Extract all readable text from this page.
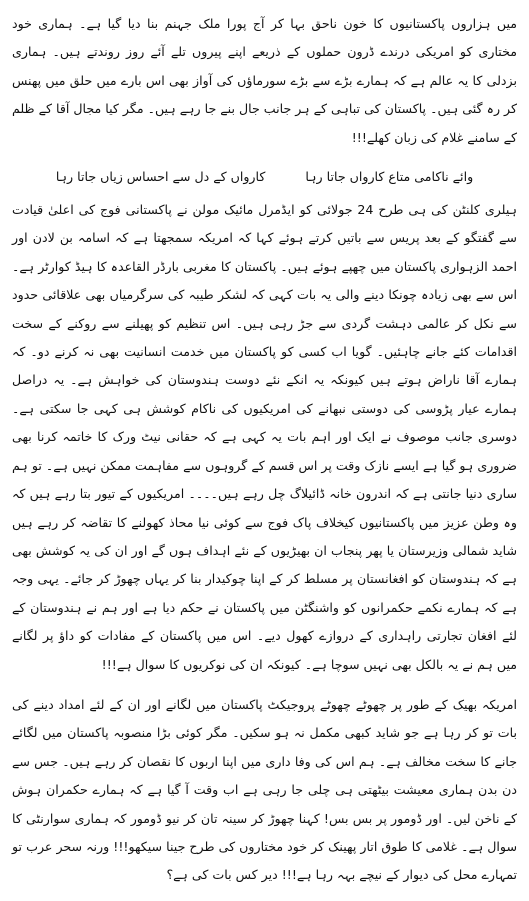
میں ہزاروں پاکستانیوں کا خون ناحق بہا کر آج پورا ملک جہنم بنا دیا گیا ہے۔ ہماری خود مختاری کو امریکی درندے ڈرون حملوں کے ذریعے اپنے پیروں تلے آئے روز روندتے ہیں۔ ہماری بزدلی کا یہ عالم ہے کہ ہمارے بڑے سے بڑے سورماؤں کی آواز بھی اس بارے میں حلق میں پھنس کر رہ گئی ہیں۔ پاکستان کی تباہی کے ہر جانب جال بنے جا رہے ہیں۔ مگر کیا مجال آقا کے ظلم کے سامنے غلام کی زبان کھلے!!!

وائے ناکامی متاع کارواں جاتا رہا
کارواں کے دل سے احساس زیاں جاتا رہا

ہیلری کلنٹن کی ہی طرح 24 جولائی کو ایڈمرل مائیک مولن نے پاکستانی فوج کی اعلیٰ قیادت سے گفتگو کے بعد پریس سے باتیں کرتے ہوئے کہا کہ امریکہ سمجھتا ہے کہ اسامہ بن لادن اور احمد الزہواری پاکستان میں چھپے ہوئے ہیں۔ پاکستان کا مغربی بارڈر القاعدہ کا ہیڈ کوارٹر ہے۔ اس سے بھی زیادہ چونکا دینے والی یہ بات کہی کہ لشکر طیبہ کی سرگرمیاں بھی علاقائی حدود سے نکل کر عالمی دہشت گردی سے جڑ رہی ہیں۔ اس تنظیم کو پھیلنے سے روکنے کے سخت اقدامات کئے جانے چاہئیں۔ گویا اب کسی کو پاکستان میں خدمت انسانیت بھی نہ کرنے دو۔ کہ ہمارے آقا ناراض ہوتے ہیں کیونکہ یہ انکے نئے دوست ہندوستان کی خواہش ہے۔ یہ دراصل ہمارے عیار پڑوسی کی دوستی نبھانے کی امریکیوں کی ناکام کوشش ہی کہی جا سکتی ہے۔ دوسری جانب موصوف نے ایک اور اہم بات یہ کہی ہے کہ حقانی نیٹ ورک کا خاتمہ کرنا بھی ضروری ہو گیا ہے ایسے نازک وقت پر اس قسم کے گروہوں سے مفاہمت ممکن نہیں ہے۔ تو ہم ساری دنیا جانتی ہے کہ اندرون خانہ ڈائیلاگ چل رہے ہیں۔۔۔۔ امریکیوں کے تیور بتا رہے ہیں کہ وہ وطن عزیز میں پاکستانیوں کیخلاف پاک فوج سے کوئی نیا محاذ کھولنے کا تقاضہ کر رہے ہیں شاید شمالی وزیرستان یا پھر پنجاب ان بھیڑیوں کے نئے اہداف ہوں گے اور ان کی یہ کوشش بھی ہے کہ ہندوستان کو افغانستان پر مسلط کر کے اپنا چوکیدار بنا کر یہاں چھوڑ کر جائے۔ یہی وجہ ہے کہ ہمارے نکمے حکمرانوں کو واشنگٹن میں پاکستان نے حکم دیا ہے اور ہم نے ہندوستان کے لئے افغان تجارتی راہداری کے دروازے کھول دیے۔ اس میں پاکستان کے مفادات کو داؤ پر لگانے میں ہم نے یہ بالکل بھی نہیں سوچا ہے۔ کیونکہ ان کی نوکریوں کا سوال ہے!!!

امریکہ بھیک کے طور پر چھوٹے چھوٹے پروجیکٹ پاکستان میں لگانے اور ان کے لئے امداد دینے کی بات تو کر رہا ہے جو شاید کبھی مکمل نہ ہو سکیں۔ مگر کوئی بڑا منصوبہ پاکستان میں لگائے جانے کا سخت مخالف ہے۔ ہم اس کی وفا داری میں اپنا اربوں کا نقصان کر رہے ہیں۔ جس سے دن بدن ہماری معیشت بیٹھتی ہی چلی جا رہی ہے اب وقت آ گیا ہے کہ ہمارے حکمران ہوش کے ناخن لیں۔ اور ڈومور پر بس بس! کہنا چھوڑ کر سینہ تان کر نیو ڈومور کہ ہماری سوارنٹی کا سوال ہے۔ غلامی کا طوق اتار پھینک کر خود مختاروں کی طرح جینا سیکھو!!! ورنہ سحر عرب تو تمہارے محل کی دیوار کے نیچے بہہ رہا ہے!!! دیر کس بات کی ہے؟
